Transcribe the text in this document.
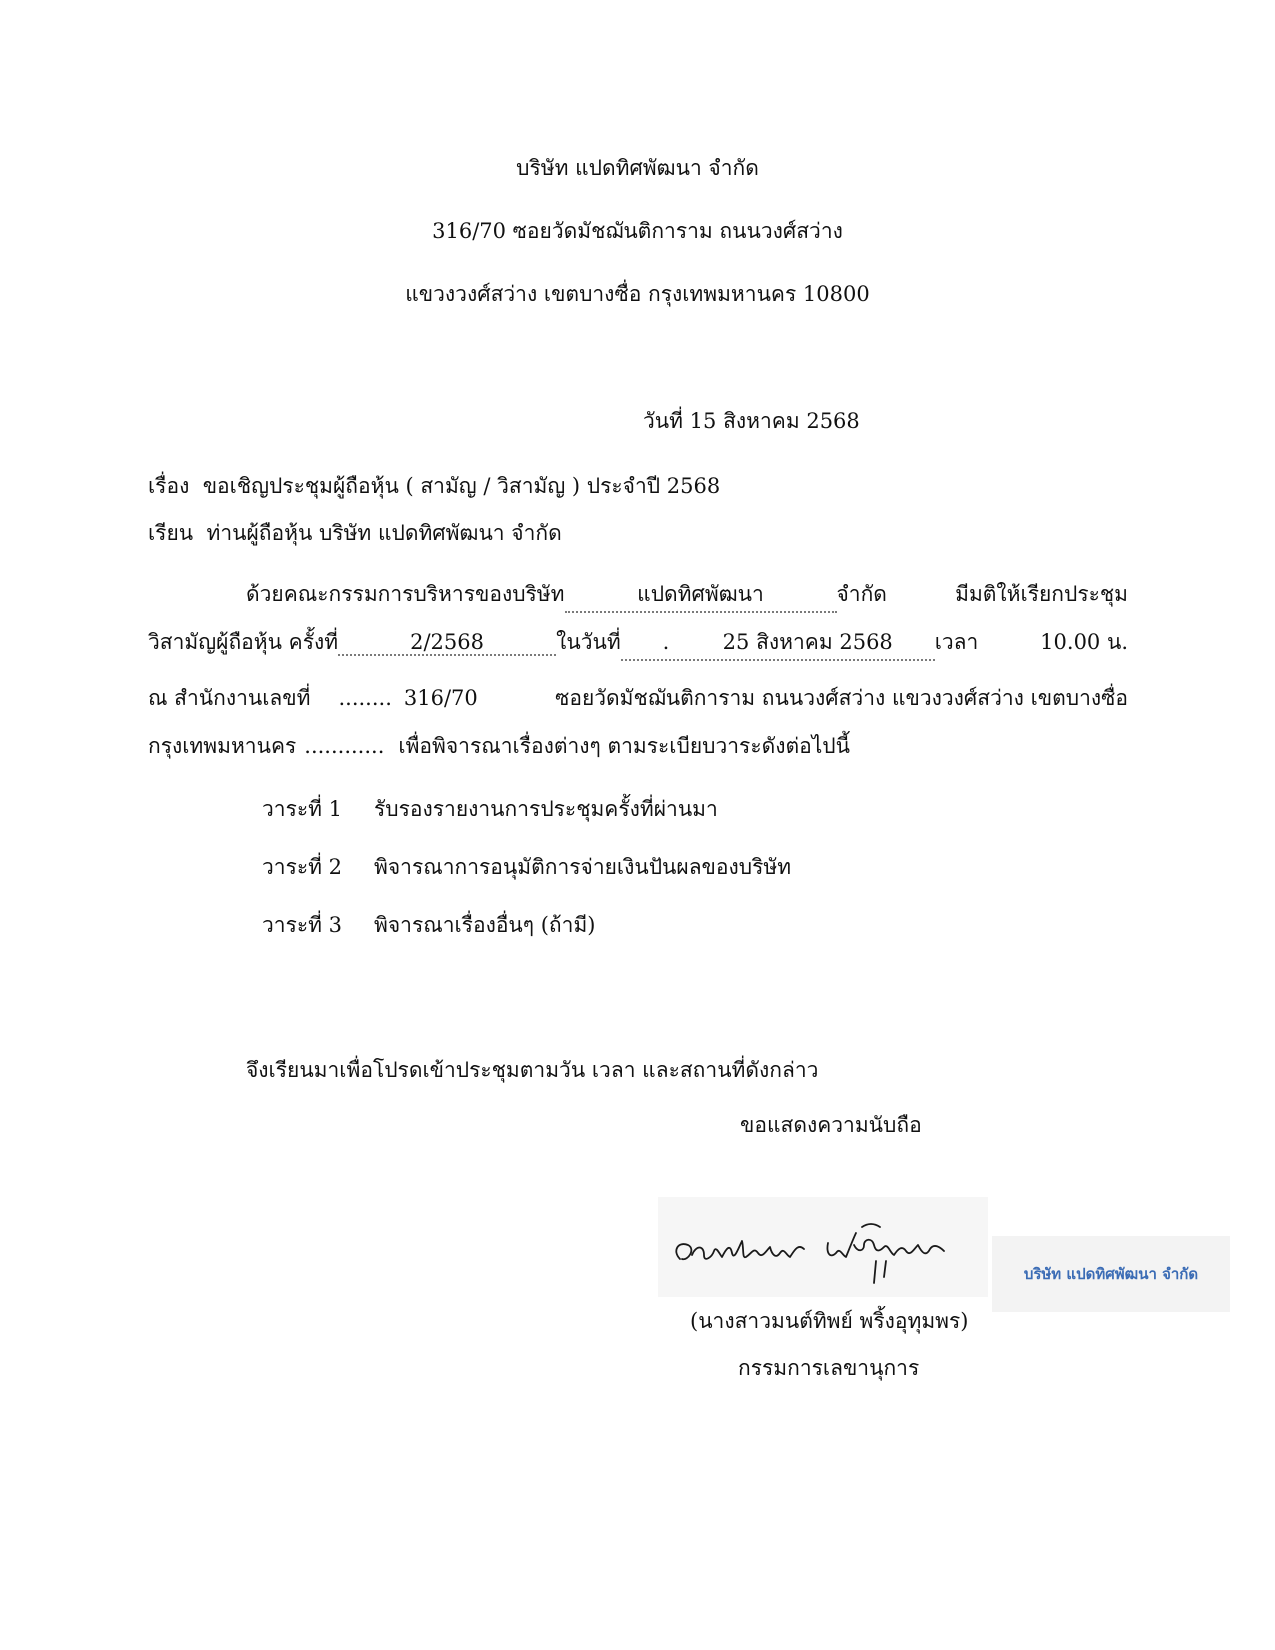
บริษัท แปดทิศพัฒนา จำกัด
316/70 ซอยวัดมัชฌันติการาม ถนนวงศ์สว่าง
แขวงวงศ์สว่าง เขตบางซื่อ กรุงเทพมหานคร 10800
วันที่ 15 สิงหาคม 2568
เรื่อง ขอเชิญประชุมผู้ถือหุ้น ( สามัญ / วิสามัญ ) ประจำปี 2568
เรียน ท่านผู้ถือหุ้น บริษัท แปดทิศพัฒนา จำกัด
ด้วยคณะกรรมการบริหารของบริษัท	แปดทิศพัฒนา	จำกัด	มีมติให้เรียกประชุม
วิสามัญผู้ถือหุ้น ครั้งที่	2/2568	ในวันที่	.	25 สิงหาคม 2568	เวลา	10.00 น.
ณ สำนักงานเลขที่ ........ 316/70	ซอยวัดมัชฌันติการาม ถนนวงศ์สว่าง แขวงวงศ์สว่าง เขตบางซื่อ
กรุงเทพมหานคร ............ เพื่อพิจารณาเรื่องต่างๆ ตามระเบียบวาระดังต่อไปนี้
วาระที่ 1 รับรองรายงานการประชุมครั้งที่ผ่านมา
วาระที่ 2 พิจารณาการอนุมัติการจ่ายเงินปันผลของบริษัท
วาระที่ 3 พิจารณาเรื่องอื่นๆ (ถ้ามี)
จึงเรียนมาเพื่อโปรดเข้าประชุมตามวัน เวลา และสถานที่ดังกล่าว
ขอแสดงความนับถือ
บริษัท แปดทิศพัฒนา จำกัด
(นางสาวมนต์ทิพย์ พริ้งอุทุมพร)
กรรมการเลขานุการ
